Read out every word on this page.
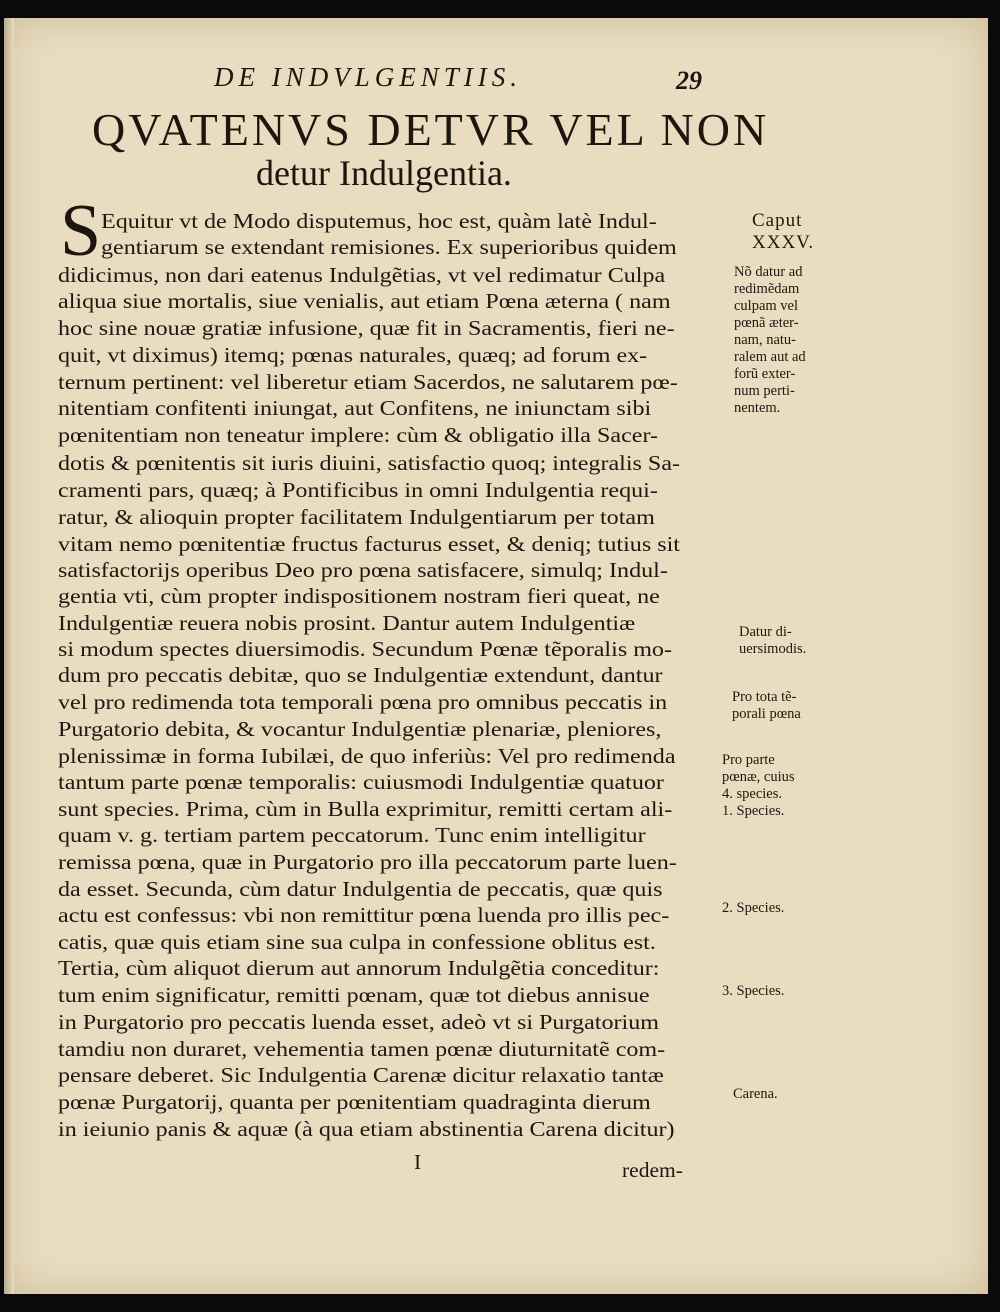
DE INDVLGENTIIS.	29
QVATENVS DETVR VEL NON
detur Indulgentia.
S Equitur vt de Modo disputemus, hoc est, quàm latè Indul-
gentiarum se extendant remisiones. Ex superioribus quidem
didicimus, non dari eatenus Indulgẽtias, vt vel redimatur Culpa
aliqua siue mortalis, siue venialis, aut etiam Pœna æterna ( nam
hoc sine nouæ gratiæ infusione, quæ fit in Sacramentis, fieri ne-
quit, vt diximus) itemq; pœnas naturales, quæq; ad forum ex-
ternum pertinent: vel liberetur etiam Sacerdos, ne salutarem pœ-
nitentiam confitenti iniungat, aut Confitens, ne iniunctam sibi
pœnitentiam non teneatur implere: cùm & obligatio illa Sacer-
dotis & pœnitentis sit iuris diuini, satisfactio quoq; integralis Sa-
cramenti pars, quæq; à Pontificibus in omni Indulgentia requi-
ratur, & alioquin propter facilitatem Indulgentiarum per totam
vitam nemo pœnitentiæ fructus facturus esset, & deniq; tutius sit
satisfactorijs operibus Deo pro pœna satisfacere, simulq; Indul-
gentia vti, cùm propter indispositionem nostram fieri queat, ne
Indulgentiæ reuera nobis prosint. Dantur autem Indulgentiæ
si modum spectes diuersimodis. Secundum Pœnæ tẽporalis mo-
dum pro peccatis debitæ, quo se Indulgentiæ extendunt, dantur
vel pro redimenda tota temporali pœna pro omnibus peccatis in
Purgatorio debita, & vocantur Indulgentiæ plenariæ, pleniores,
plenissimæ in forma Iubilæi, de quo inferiùs: Vel pro redimenda
tantum parte pœnæ temporalis: cuiusmodi Indulgentiæ quatuor
sunt species. Prima, cùm in Bulla exprimitur, remitti certam ali-
quam v. g. tertiam partem peccatorum. Tunc enim intelligitur
remissa pœna, quæ in Purgatorio pro illa peccatorum parte luen-
da esset. Secunda, cùm datur Indulgentia de peccatis, quæ quis
actu est confessus: vbi non remittitur pœna luenda pro illis pec-
catis, quæ quis etiam sine sua culpa in confessione oblitus est.
Tertia, cùm aliquot dierum aut annorum Indulgẽtia conceditur:
tum enim significatur, remitti pœnam, quæ tot diebus annisue
in Purgatorio pro peccatis luenda esset, adeò vt si Purgatorium
tamdiu non duraret, vehementia tamen pœnæ diuturnitatẽ com-
pensare deberet. Sic Indulgentia Carenæ dicitur relaxatio tantæ
pœnæ Purgatorij, quanta per pœnitentiam quadraginta dierum
in ieiunio panis & aquæ (à qua etiam abstinentia Carena dicitur)
Caput
XXXV.
Nõ datur ad
redimẽdam
culpam vel
pœnã æter-
nam, natu-
ralem aut ad
forũ exter-
num perti-
nentem.
Datur di-
uersimodis.
Pro tota tẽ-
porali pœna
Pro parte
pœnæ, cuius
4. species.
1. Species.
2. Species.
3. Species.
Carena.
I	redem-
